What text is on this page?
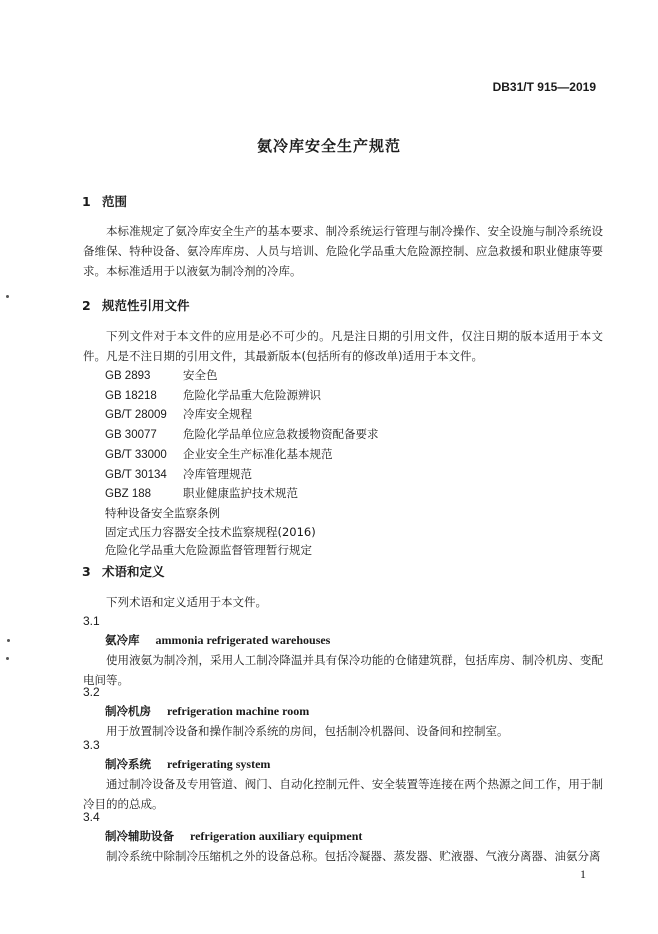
DB31/T 915—2019
氨冷库安全生产规范
1 范围

本标准规定了氨冷库安全生产的基本要求、制冷系统运行管理与制冷操作、安全设施与制冷系统设备维保、特种设备、氨冷库库房、人员与培训、危险化学品重大危险源控制、应急救援和职业健康等要求。 本标准适用于以液氨为制冷剂的冷库。

2 规范性引用文件

下列文件对于本文件的应用是必不可少的。凡是注日期的引用文件，仅注日期的版本适用于本文件。凡是不注日期的引用文件，其最新版本(包括所有的修改单)适用于本文件。

GB 2893	安全色
GB 18218 危险化学品重大危险源辨识
GB/T 28009 冷库安全规程
GB 30077 危险化学品单位应急救援物资配备要求
GB/T 33000 企业安全生产标准化基本规范
GB/T 30134 冷库管理规范
GBZ 188	职业健康监护技术规范
特种设备安全监察条例
固定式压力容器安全技术监察规程(2016)
危险化学品重大危险源监督管理暂行规定
3 术语和定义

下列术语和定义适用于本文件。

3.1
氨冷库 ammonia refrigerated warehouses

使用液氨为制冷剂，采用人工制冷降温并具有保冷功能的仓储建筑群，包括库房、制冷机房、变配电间等。

3.2
制冷机房 refrigeration machine room

用于放置制冷设备和操作制冷系统的房间，包括制冷机器间、设备间和控制室。

3.3
制冷系统 refrigerating system

通过制冷设备及专用管道、阀门、自动化控制元件、安全装置等连接在两个热源之间工作，用于制冷目的的总成。

3.4
制冷辅助设备 refrigeration auxiliary equipment

制冷系统中除制冷压缩机之外的设备总称。包括冷凝器、蒸发器、贮液器、气液分离器、油氨分离

1
